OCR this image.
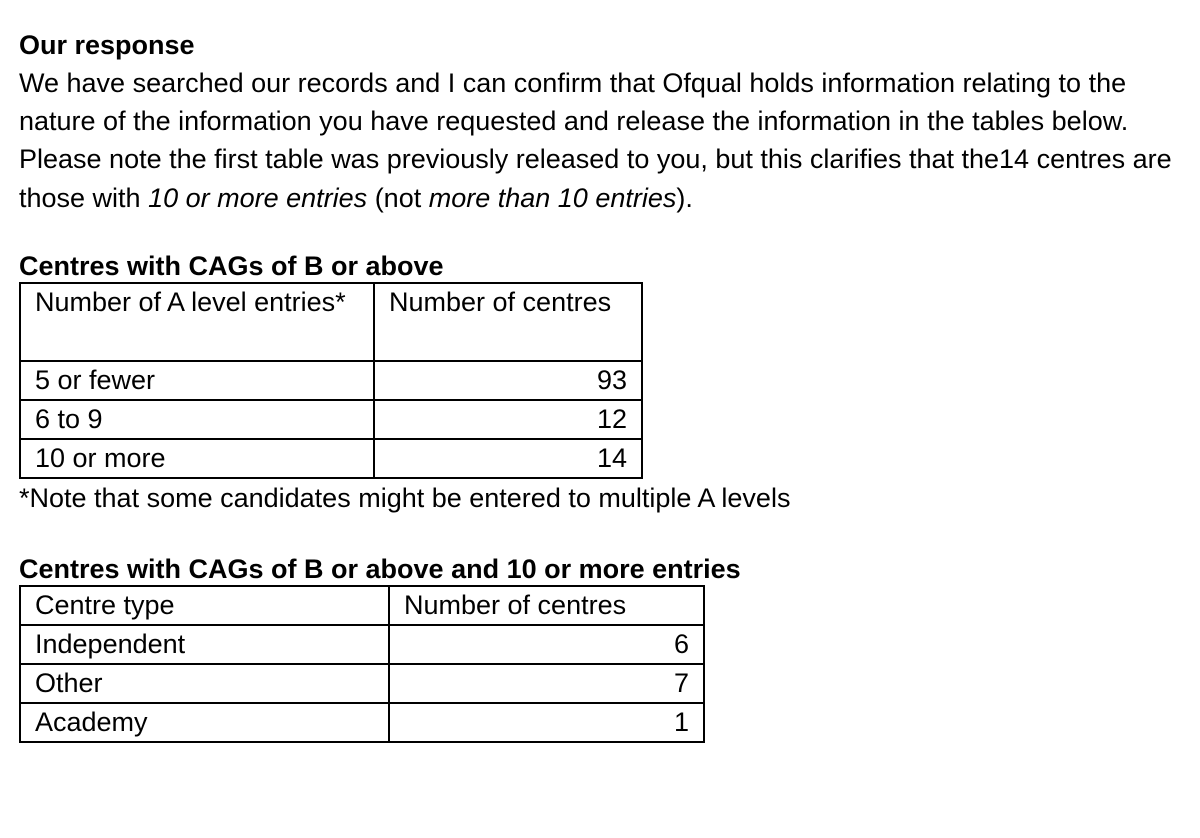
Our response

We have searched our records and I can confirm that Ofqual holds information relating to the nature of the information you have requested and release the information in the tables below. Please note the first table was previously released to you, but this clarifies that the14 centres are those with 10 or more entries (not more than 10 entries).

Centres with CAGs of B or above
Number of A level entries*	Number of centres
5 or fewer	93
6 to 9	12
10 or more	14

*Note that some candidates might be entered to multiple A levels

Centres with CAGs of B or above and 10 or more entries
Centre type	Number of centres
Independent	6
Other	7
Academy	1
